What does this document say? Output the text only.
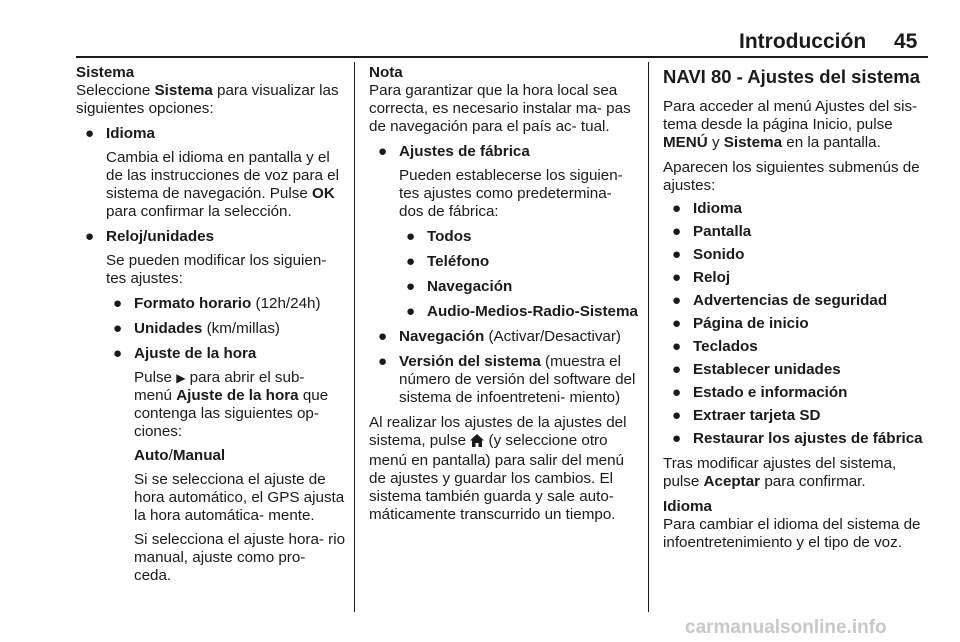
Introducción 45

Sistema

Seleccione Sistema para visualizar las siguientes opciones:

● Idioma

Cambia el idioma en pantalla y el de las instrucciones de voz para el sistema de navegación. Pulse OK para confirmar la selección.

● Reloj/unidades

Se pueden modificar los siguien- tes ajustes:

● Formato horario (12h/24h)

● Unidades (km/millas)

● Ajuste de la hora

Pulse ▶ para abrir el sub- menú Ajuste de la hora que contenga las siguientes op- ciones:

Auto/Manual

Si se selecciona el ajuste de hora automático, el GPS ajusta la hora automática- mente.

Si selecciona el ajuste hora- rio manual, ajuste como pro- ceda.

Nota

Para garantizar que la hora local sea correcta, es necesario instalar ma- pas de navegación para el país ac- tual.

● Ajustes de fábrica

Pueden establecerse los siguien- tes ajustes como predetermina- dos de fábrica:

● Todos

● Teléfono

● Navegación

● Audio-Medios-Radio-Sistema

● Navegación (Activar/Desactivar)

● Versión del sistema (muestra el número de versión del software del sistema de infoentreteni- miento)

Al realizar los ajustes de la ajustes del sistema, pulse  (y seleccione otro menú en pantalla) para salir del menú de ajustes y guardar los cambios. El sistema también guarda y sale auto- máticamente transcurrido un tiempo.

NAVI 80 - Ajustes del sistema

Para acceder al menú Ajustes del sis- tema desde la página Inicio, pulse MENÚ y Sistema en la pantalla.

Aparecen los siguientes submenús de ajustes:

● Idioma

● Pantalla

● Sonido

● Reloj

● Advertencias de seguridad

● Página de inicio

● Teclados

● Establecer unidades

● Estado e información

● Extraer tarjeta SD

● Restaurar los ajustes de fábrica

Tras modificar ajustes del sistema, pulse Aceptar para confirmar.

Idioma

Para cambiar el idioma del sistema de infoentretenimiento y el tipo de voz.

carmanualsonline.info
